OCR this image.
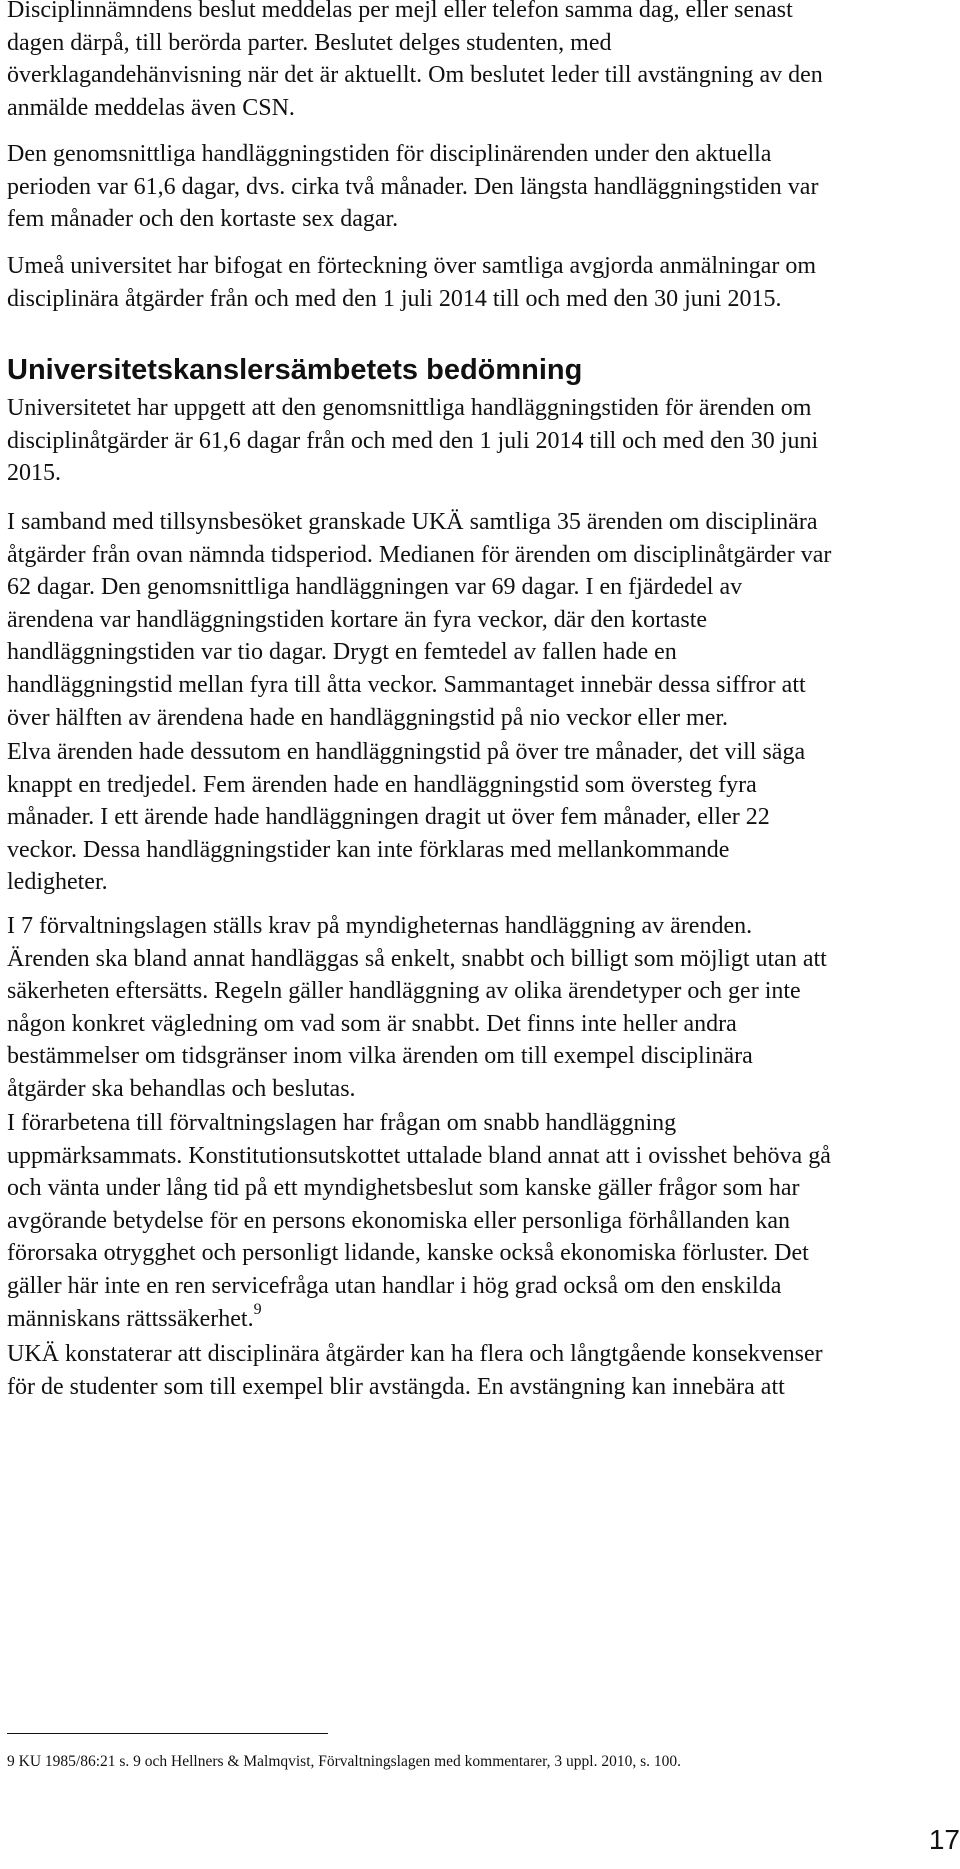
Disciplinnämndens beslut meddelas per mejl eller telefon samma dag, eller senast
dagen därpå, till berörda parter. Beslutet delges studenten, med
överklagandehänvisning när det är aktuellt. Om beslutet leder till avstängning av den
anmälde meddelas även CSN.

Den genomsnittliga handläggningstiden för disciplinärenden under den aktuella
perioden var 61,6 dagar, dvs. cirka två månader. Den längsta handläggningstiden var
fem månader och den kortaste sex dagar.

Umeå universitet har bifogat en förteckning över samtliga avgjorda anmälningar om
disciplinära åtgärder från och med den 1 juli 2014 till och med den 30 juni 2015.

Universitetskanslersämbetets bedömning

Universitetet har uppgett att den genomsnittliga handläggningstiden för ärenden om
disciplinåtgärder är 61,6 dagar från och med den 1 juli 2014 till och med den 30 juni
2015.

I samband med tillsynsbesöket granskade UKÄ samtliga 35 ärenden om disciplinära
åtgärder från ovan nämnda tidsperiod. Medianen för ärenden om disciplinåtgärder var
62 dagar. Den genomsnittliga handläggningen var 69 dagar. I en fjärdedel av
ärendena var handläggningstiden kortare än fyra veckor, där den kortaste
handläggningstiden var tio dagar. Drygt en femtedel av fallen hade en
handläggningstid mellan fyra till åtta veckor. Sammantaget innebär dessa siffror att
över hälften av ärendena hade en handläggningstid på nio veckor eller mer.

Elva ärenden hade dessutom en handläggningstid på över tre månader, det vill säga
knappt en tredjedel. Fem ärenden hade en handläggningstid som översteg fyra
månader. I ett ärende hade handläggningen dragit ut över fem månader, eller 22
veckor. Dessa handläggningstider kan inte förklaras med mellankommande
ledigheter.

I 7 förvaltningslagen ställs krav på myndigheternas handläggning av ärenden.
Ärenden ska bland annat handläggas så enkelt, snabbt och billigt som möjligt utan att
säkerheten eftersätts. Regeln gäller handläggning av olika ärendetyper och ger inte
någon konkret vägledning om vad som är snabbt. Det finns inte heller andra
bestämmelser om tidsgränser inom vilka ärenden om till exempel disciplinära
åtgärder ska behandlas och beslutas.

I förarbetena till förvaltningslagen har frågan om snabb handläggning
uppmärksammats. Konstitutionsutskottet uttalade bland annat att i ovisshet behöva gå
och vänta under lång tid på ett myndighetsbeslut som kanske gäller frågor som har
avgörande betydelse för en persons ekonomiska eller personliga förhållanden kan
förorsaka otrygghet och personligt lidande, kanske också ekonomiska förluster. Det
gäller här inte en ren servicefråga utan handlar i hög grad också om den enskilda
människans rättssäkerhet.$^9$

UKÄ konstaterar att disciplinära åtgärder kan ha flera och långtgående konsekvenser
för de studenter som till exempel blir avstängda. En avstängning kan innebära att

9 KU 1985/86:21 s. 9 och Hellners & Malmqvist, Förvaltningslagen med kommentarer, 3 uppl. 2010, s. 100.

17
